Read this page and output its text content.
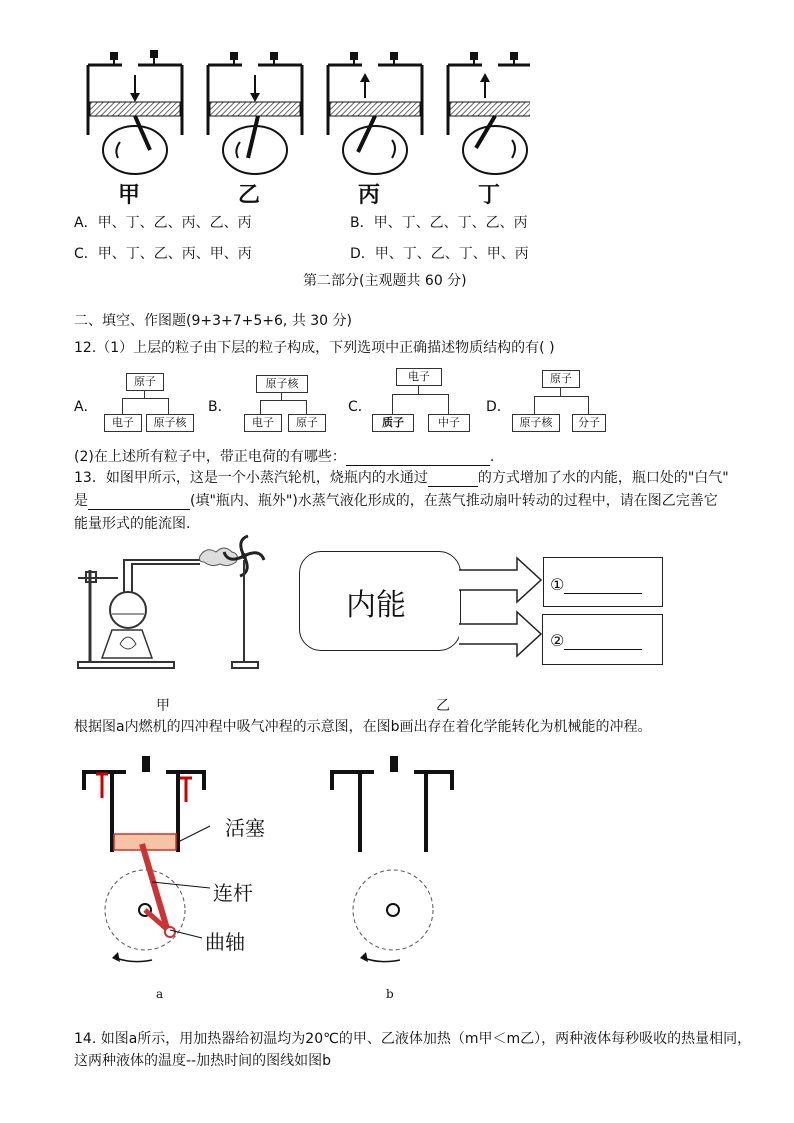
甲	乙	丙	丁
A．甲、丁、乙、丙、乙、丙	B．甲、丁、乙、丁、乙、丙
C．甲、丁、乙、丙、甲、丙	D．甲、丁、乙、丁、甲、丙
第二部分(主观题共 60 分)
二、填空、作图题(9+3+7+5+6, 共 30 分)
12.（1）上层的粒子由下层的粒子构成，下列选项中正确描述物质结构的有( )
A．
原子
电子	原子核
B．
原子核
电子	原子
C．
电子
质子	中子
D．
原子
原子核	分子
(2)在上述所有粒子中，带正电荷的有哪些：	.
13．如图甲所示，这是一个小蒸汽轮机，烧瓶内的水通过	的方式增加了水的内能，瓶口处的"白气"
是	(填"瓶内、瓶外")水蒸气液化形成的，在蒸气推动扇叶转动的过程中，请在图乙完善它
能量形式的能流图.
内能
①
②
甲	乙
根据图a内燃机的四冲程中吸气冲程的示意图，在图b画出存在着化学能转化为机械能的冲程。
活塞
连杆
曲轴
a	b
14. 如图a所示，用加热器给初温均为20℃的甲、乙液体加热（m甲＜m乙），两种液体每秒吸收的热量相同，
这两种液体的温度--加热时间的图线如图b
